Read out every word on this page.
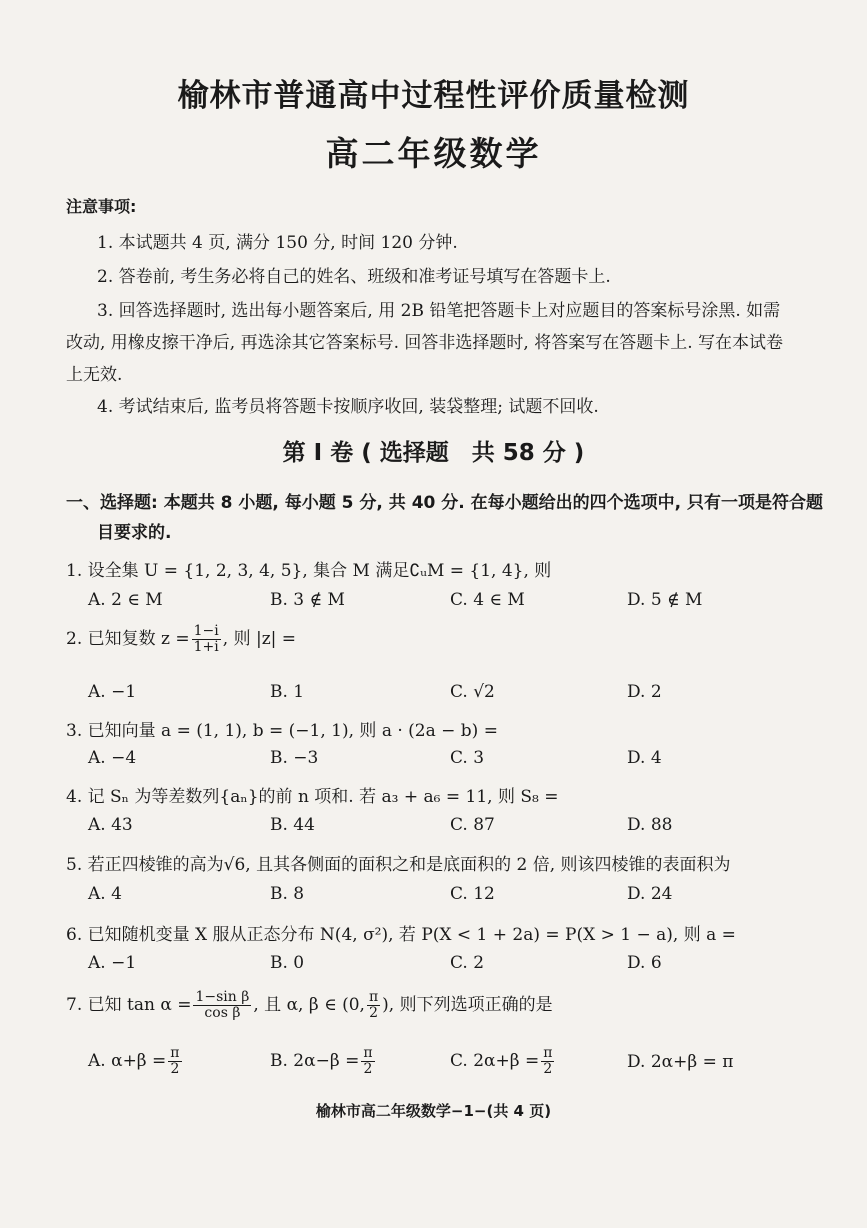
榆林市普通高中过程性评价质量检测
高二年级数学
注意事项:
1. 本试题共 4 页, 满分 150 分, 时间 120 分钟.
2. 答卷前, 考生务必将自己的姓名、班级和准考证号填写在答题卡上.
3. 回答选择题时, 选出每小题答案后, 用 2B 铅笔把答题卡上对应题目的答案标号涂黑. 如需
改动, 用橡皮擦干净后, 再选涂其它答案标号. 回答非选择题时, 将答案写在答题卡上. 写在本试卷
上无效.
4. 考试结束后, 监考员将答题卡按顺序收回, 装袋整理; 试题不回收.
第 Ⅰ 卷 ( 选择题　共 58 分 )
一、选择题: 本题共 8 小题, 每小题 5 分, 共 40 分. 在每小题给出的四个选项中, 只有一项是符合题
目要求的.
1. 设全集 U = {1, 2, 3, 4, 5}, 集合 M 满足∁ᵤM = {1, 4}, 则
A. 2 ∈ M	B. 3 ∉ M	C. 4 ∈ M	D. 5 ∉ M
2. 已知复数 $z = \frac{1-i}{1+i}$ , 则 |z| =
A. −1	B. 1	C. √2	D. 2
3. 已知向量 a = (1, 1), b = (−1, 1), 则 a · (2a − b) =
A. −4	B. −3	C. 3	D. 4
4. 记 Sₙ 为等差数列{aₙ}的前 n 项和. 若 a₃ + a₆ = 11, 则 S₈ =
A. 43	B. 44	C. 87	D. 88
5. 若正四棱锥的高为√6, 且其各侧面的面积之和是底面积的 2 倍, 则该四棱锥的表面积为
A. 4	B. 8	C. 12	D. 24
6. 已知随机变量 X 服从正态分布 N(4, σ²), 若 P(X < 1 + 2a) = P(X > 1 − a), 则 a =
A. −1	B. 0	C. 2	D. 6
7. 已知 $\tan \alpha = \frac{\text{1−sin β}}{\text{cos β}}$ , 且 α, β ∈ (0, $\frac{\pi}{2}$ ), 则下列选项正确的是
A. $\alpha+\beta = \frac{\pi}{2}$	B. $2\alpha-\beta = \frac{\pi}{2}$	C. $2\alpha+\beta = \frac{\pi}{2}$	D. 2α+β = π
榆林市高二年级数学−1−(共 4 页)
